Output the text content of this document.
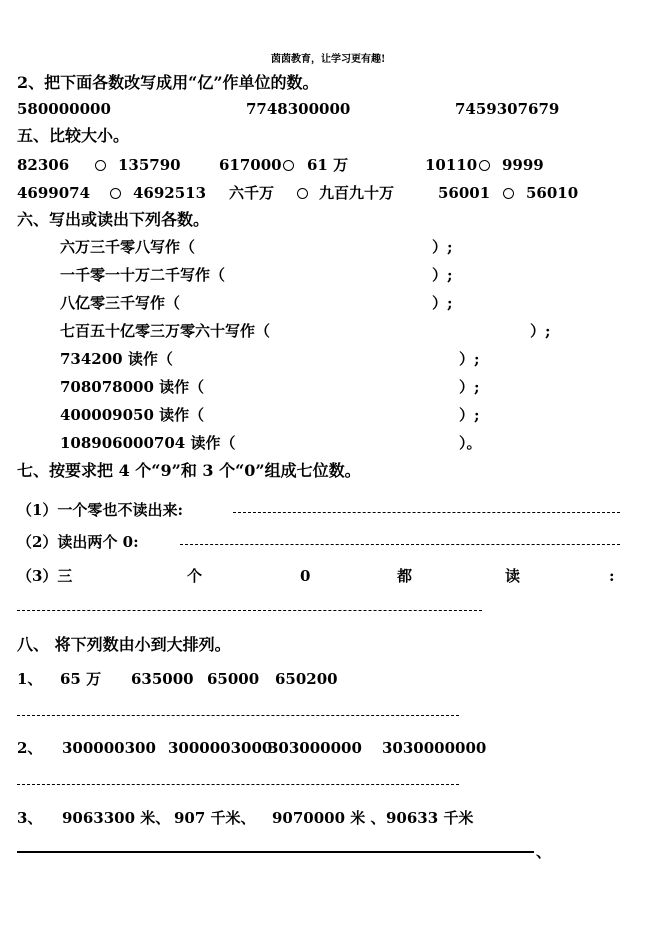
茵茵教育，让学习更有趣!
2、把下面各数改写成用“亿”作单位的数。
580000000	7748300000	7459307679
五、比较大小。
82306	135790	617000 61 万	10110 9999
4699074	4692513 六千万	九百九十万	56001 56010
六、写出或读出下列各数。
六万三千零八写作（	）;
一千零一十万二千写作（	）;
八亿零三千写作（	）;
七百五十亿零三万零六十写作（	）;
734200 读作（	）;
708078000 读作（	）;
400009050 读作（	）;
108906000704 读作（	）。
七、按要求把 4 个“9”和 3 个“0”组成七位数。
（1）一个零也不读出来:
（2）读出两个 0:
（3）三	个	0	都	读	:
八、 将下列数由小到大排列。
1、 65 万 635000 65000 650200
2、 300000300 3000003000
303000000 3030000000
3、 9063300 米、 907 千米、 9070000 米 、 90633 千米
、
